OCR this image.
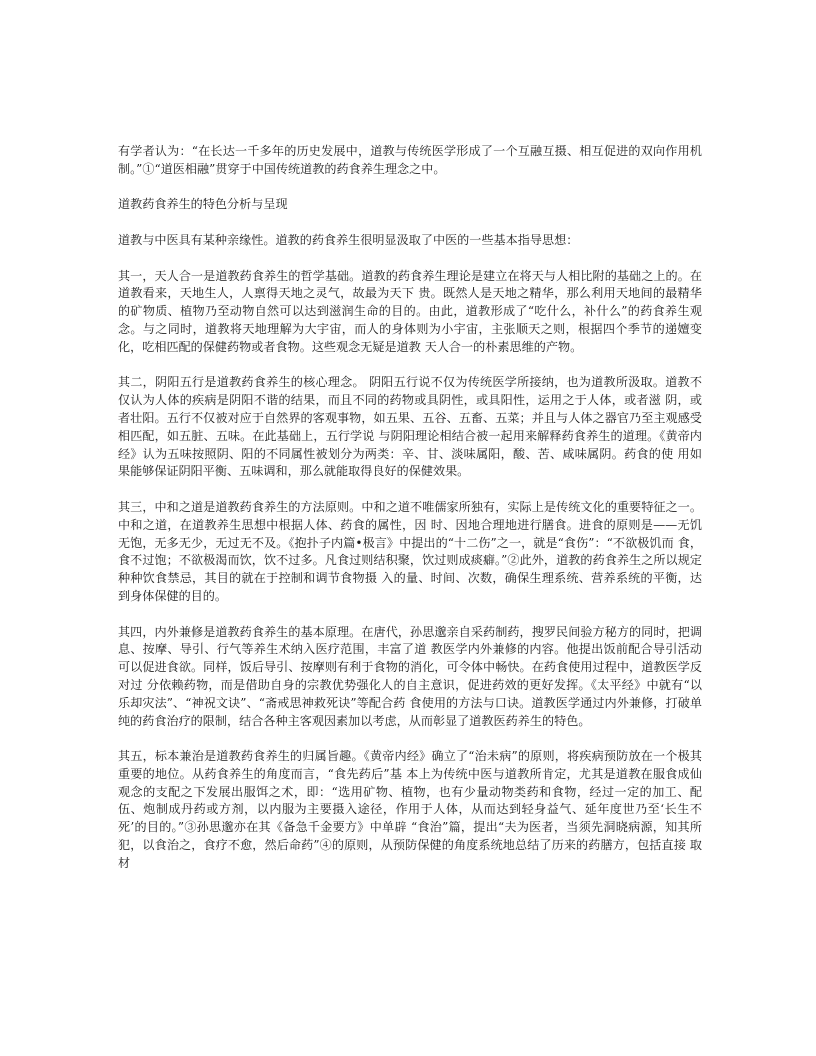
有学者认为：“在长达一千多年的历史发展中，道教与传统医学形成了一个互融互摄、相互促进的双向作用机制。”①“道医相融”贯穿于中国传统道教的药食养生理念之中。

道教药食养生的特色分析与呈现

道教与中医具有某种亲缘性。道教的药食养生很明显汲取了中医的一些基本指导思想：

其一，天人合一是道教药食养生的哲学基础。道教的药食养生理论是建立在将天与人相比附的基础之上的。在道教看来，天地生人，人禀得天地之灵气，故最为天下 贵。既然人是天地之精华，那么利用天地间的最精华的矿物质、植物乃至动物自然可以达到滋润生命的目的。由此，道教形成了“吃什么，补什么”的药食养生观 念。与之同时，道教将天地理解为大宇宙，而人的身体则为小宇宙，主张顺天之则，根据四个季节的递嬗变化，吃相匹配的保健药物或者食物。这些观念无疑是道教 天人合一的朴素思维的产物。

其二，阴阳五行是道教药食养生的核心理念。 阴阳五行说不仅为传统医学所接纳，也为道教所汲取。道教不仅认为人体的疾病是阴阳不谐的结果，而且不同的药物或具阴性，或具阳性，运用之于人体，或者滋 阴，或者壮阳。五行不仅被对应于自然界的客观事物，如五果、五谷、五畜、五菜；并且与人体之器官乃至主观感受相匹配，如五脏、五味。在此基础上，五行学说 与阴阳理论相结合被一起用来解释药食养生的道理。《黄帝内经》认为五味按照阴、阳的不同属性被划分为两类：辛、甘、淡味属阳，酸、苦、咸味属阴。药食的使 用如果能够保证阴阳平衡、五味调和，那么就能取得良好的保健效果。

其三，中和之道是道教药食养生的方法原则。中和之道不唯儒家所独有，实际上是传统文化的重要特征之一。中和之道，在道教养生思想中根据人体、药食的属性，因 时、因地合理地进行膳食。进食的原则是——无饥无饱，无多无少，无过无不及。《抱扑子内篇•极言》中提出的“十二伤”之一，就是“食伤”：“不欲极饥而 食，食不过饱；不欲极渴而饮，饮不过多。凡食过则结积聚，饮过则成痰癖。”②此外，道教的药食养生之所以规定种种饮食禁忌，其目的就在于控制和调节食物摄 入的量、时间、次数，确保生理系统、营养系统的平衡，达到身体保健的目的。

其四，内外兼修是道教药食养生的基本原理。在唐代，孙思邈亲自采药制药，搜罗民间验方秘方的同时，把调息、按摩、导引、行气等养生术纳入医疗范围，丰富了道 教医学内外兼修的内容。他提出饭前配合导引活动可以促进食欲。同样，饭后导引、按摩则有利于食物的消化，可令体中畅快。在药食使用过程中，道教医学反对过 分依赖药物，而是借助自身的宗教优势强化人的自主意识，促进药效的更好发挥。《太平经》中就有“以乐却灾法”、“神祝文诀”、“斋戒思神救死诀”等配合药 食使用的方法与口诀。道教医学通过内外兼修，打破单纯的药食治疗的限制，结合各种主客观因素加以考虑，从而彰显了道教医药养生的特色。

其五，标本兼治是道教药食养生的归属旨趣。《黄帝内经》确立了“治未病”的原则，将疾病预防放在一个极其重要的地位。从药食养生的角度而言，“食先药后”基 本上为传统中医与道教所肯定，尤其是道教在服食成仙观念的支配之下发展出服饵之术，即：“选用矿物、植物，也有少量动物类药和食物，经过一定的加工、配 伍、炮制成丹药或方剂，以内服为主要摄入途径，作用于人体，从而达到轻身益气、延年度世乃至‘长生不死’的目的。”③孙思邈亦在其《备急千金要方》中单辟 “食治”篇，提出“夫为医者，当须先洞晓病源，知其所犯，以食治之，食疗不愈，然后命药”④的原则，从预防保健的角度系统地总结了历来的药膳方，包括直接 取材
